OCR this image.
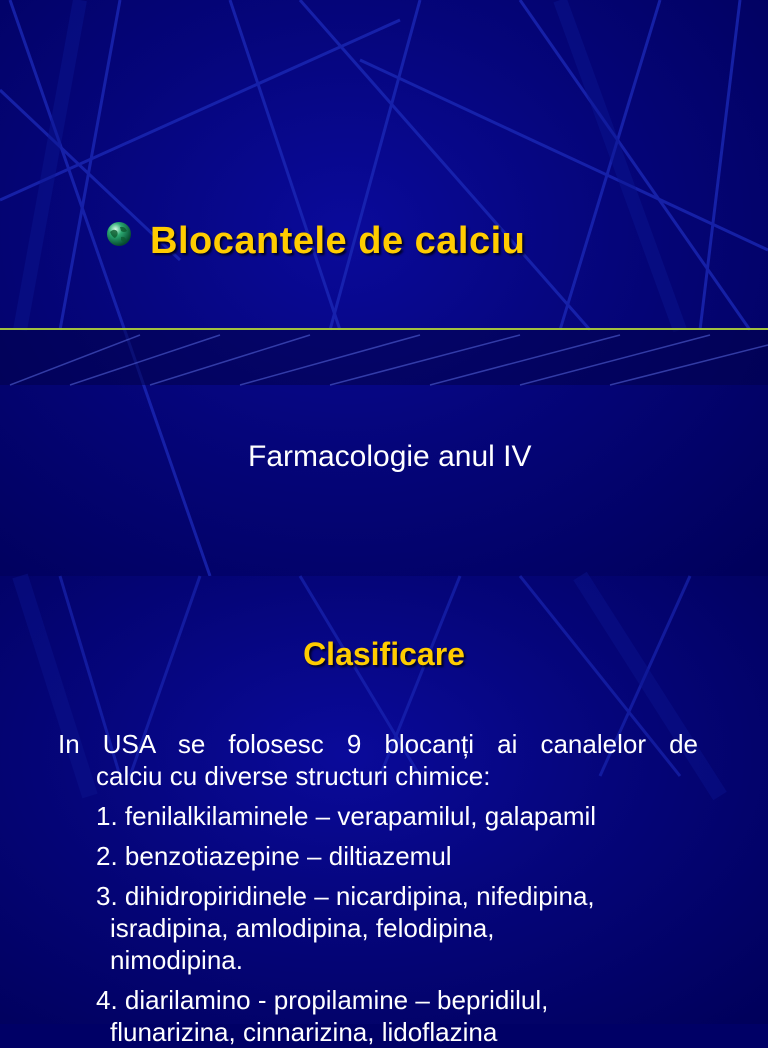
Blocantele de calciu
Farmacologie anul IV
Clasificare
In USA se folosesc 9 blocanți ai canalelor de
calciu cu diverse structuri chimice:
1. fenilalkilaminele – verapamilul, galapamil
2. benzotiazepine – diltiazemul
3. dihidropiridinele – nicardipina, nifedipina,
isradipina, amlodipina, felodipina,
nimodipina.
4. diarilamino - propilamine – bepridilul,
flunarizina, cinnarizina, lidoflazina
